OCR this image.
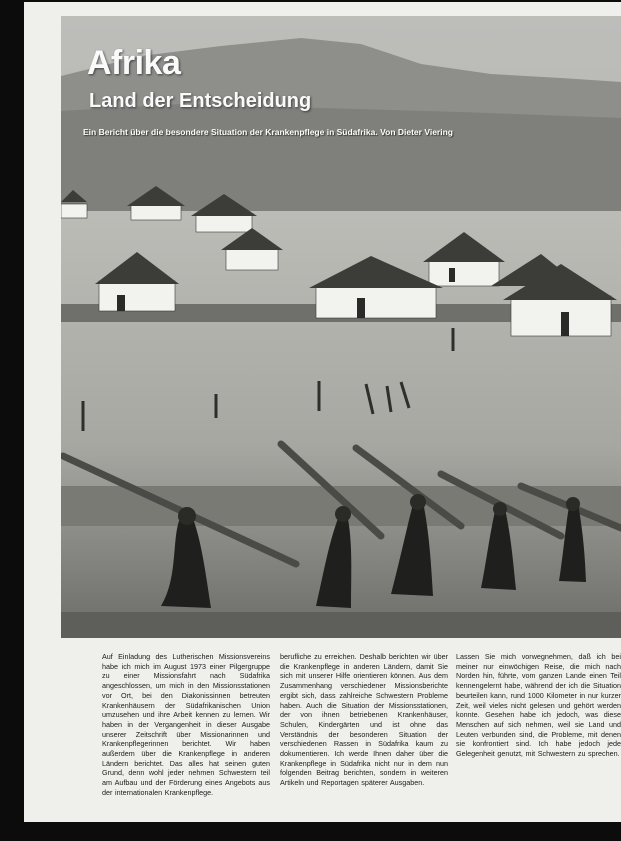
Afrika
Land der Entscheidung

Ein Bericht über die besondere Situation der Krankenpflege in Südafrika. Von Dieter Viering

Auf Einladung des Lutherischen Missionsvereins habe ich mich im August 1973 einer Pilgergruppe zu einer Missionsfahrt nach Südafrika angeschlossen, um mich in den Missionsstationen vor Ort, bei den Diakonissinnen betreuten Krankenhäusern der Südafrikanischen Union umzusehen und ihre Arbeit kennen zu lernen. Wir haben in der Vergangenheit in dieser Ausgabe unserer Zeitschrift über Missionarinnen und Krankenpflegerinnen berichtet. Wir haben außerdem über die Krankenpflege in anderen Ländern berichtet. Das alles hat seinen guten Grund, denn wohl jeder nehmen Schwestern teil am Aufbau und der Förderung eines Angebots aus der internationalen Krankenpflege.

berufliche zu erreichen. Deshalb berichten wir über die Krankenpflege in anderen Ländern, damit Sie sich mit unserer Hilfe orientieren können. Aus dem Zusammenhang verschiedener Missionsberichte ergibt sich, dass zahlreiche Schwestern Probleme haben. Auch die Situation der Missionsstationen, der von ihnen betriebenen Krankenhäuser, Schulen, Kindergärten und ist ohne das Verständnis der besonderen Situation der verschiedenen Rassen in Südafrika kaum zu dokumentieren. Ich werde Ihnen daher über die Krankenpflege in Südafrika nicht nur in dem nun folgenden Beitrag berichten, sondern in weiteren Artikeln und Reportagen späterer Ausgaben.

Lassen Sie mich vorwegnehmen, daß ich bei meiner nur einwöchigen Reise, die mich nach Norden hin, führte, vom ganzen Lande einen Teil kennengelernt habe, während der ich die Situation beurteilen kann, rund 1000 Kilometer in nur kurzer Zeit, weil vieles nicht gelesen und gehört werden konnte. Gesehen habe ich jedoch, was diese Menschen auf sich nehmen, weil sie Land und Leuten verbunden sind, die Probleme, mit denen sie konfrontiert sind. Ich habe jedoch jede Gelegenheit genutzt, mit Schwestern zu sprechen.
